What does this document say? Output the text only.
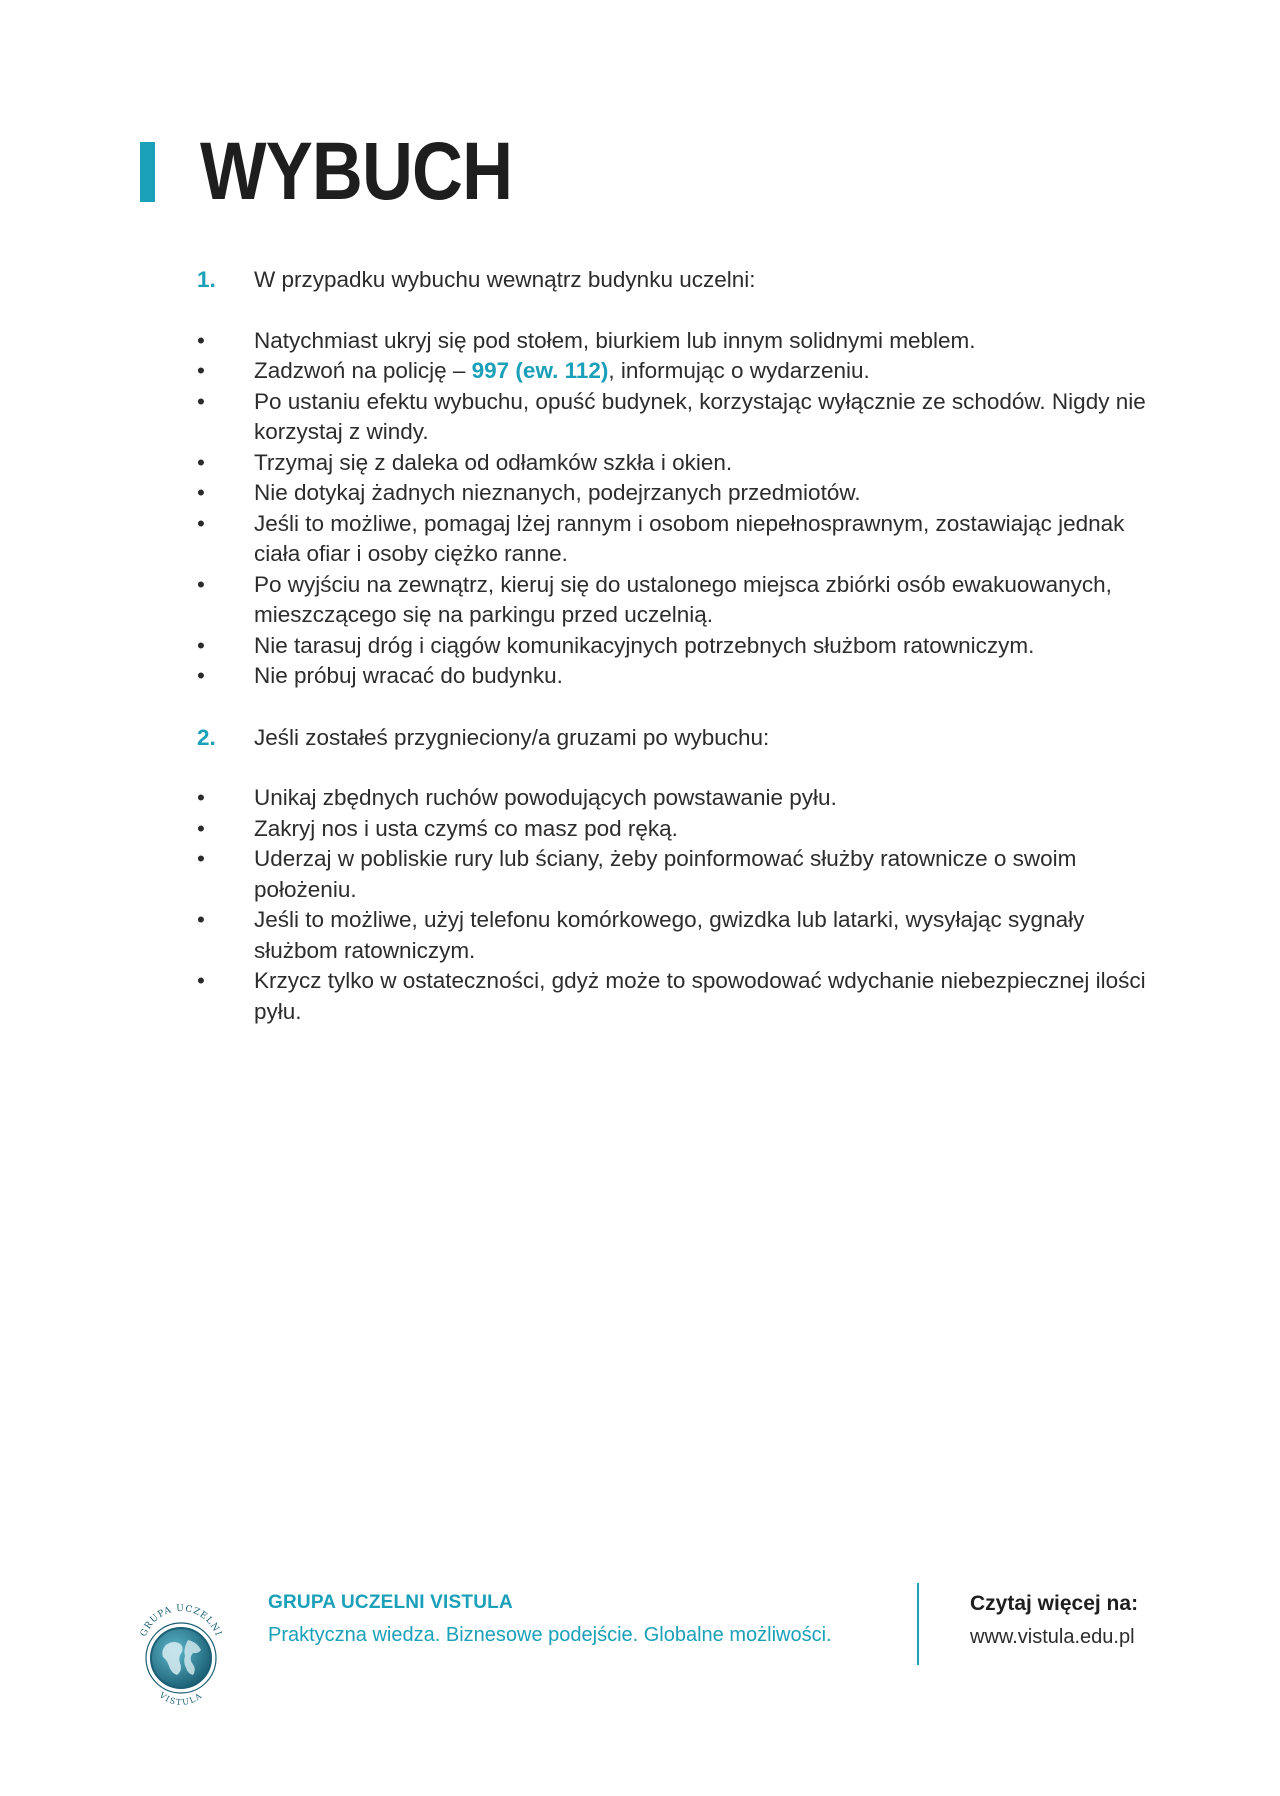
WYBUCH
1.	W przypadku wybuchu wewnątrz budynku uczelni:
•	Natychmiast ukryj się pod stołem, biurkiem lub innym solidnymi meblem.
•	Zadzwoń na policję – 997 (ew. 112), informując o wydarzeniu.
•	Po ustaniu efektu wybuchu, opuść budynek, korzystając wyłącznie ze schodów. Nigdy nie korzystaj z windy.
•	Trzymaj się z daleka od odłamków szkła i okien.
•	Nie dotykaj żadnych nieznanych, podejrzanych przedmiotów.
•	Jeśli to możliwe, pomagaj lżej rannym i osobom niepełnosprawnym, zostawiając jednak ciała ofiar i osoby ciężko ranne.
•	Po wyjściu na zewnątrz, kieruj się do ustalonego miejsca zbiórki osób ewakuowanych, mieszczącego się na parkingu przed uczelnią.
•	Nie tarasuj dróg i ciągów komunikacyjnych potrzebnych służbom ratowniczym.
•	Nie próbuj wracać do budynku.
2.	Jeśli zostałeś przygnieciony/a gruzami po wybuchu:
•	Unikaj zbędnych ruchów powodujących powstawanie pyłu.
•	Zakryj nos i usta czymś co masz pod ręką.
•	Uderzaj w pobliskie rury lub ściany, żeby poinformować służby ratownicze o swoim położeniu.
•	Jeśli to możliwe, użyj telefonu komórkowego, gwizdka lub latarki, wysyłając sygnały służbom ratowniczym.
•	Krzycz tylko w ostateczności, gdyż może to spowodować wdychanie niebezpiecznej ilości pyłu.
GRUPA UCZELNI
VISTULA

GRUPA UCZELNI VISTULA

Praktyczna wiedza. Biznesowe podejście. Globalne możliwości.

Czytaj więcej na:

www.vistula.edu.pl
